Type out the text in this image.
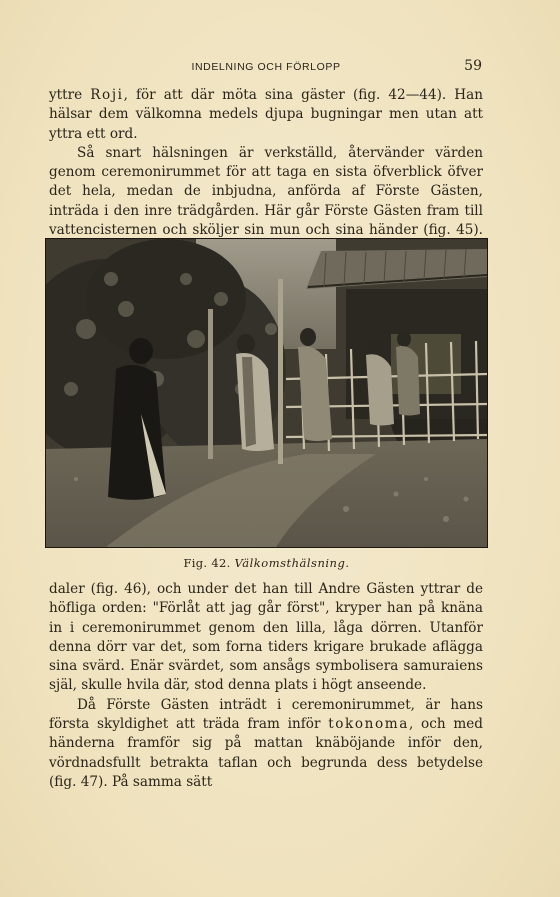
INDELNING OCH FÖRLOPP	59

yttre Roji, för att där möta sina gäster (fig. 42—44). Han hälsar dem välkomna medels djupa bugningar men utan att yttra ett ord.

Så snart hälsningen är verkställd, återvänder värden genom ceremonirummet för att taga en sista öfverblick öfver det hela, medan de inbjudna, anförda af Förste Gästen, inträda i den inre trädgården. Här går Förste Gästen fram till vattencisternen och sköljer sin mun och sina händer (fig. 45).

Fig. 42. Välkomsthälsning.

daler (fig. 46), och under det han till Andre Gästen yttrar de höfliga orden: "Förlåt att jag går först", kryper han på knäna in i ceremonirummet genom den lilla, låga dörren. Utanför denna dörr var det, som forna tiders krigare brukade aflägga sina svärd. Enär svärdet, som ansågs symbolisera samuraiens själ, skulle hvila där, stod denna plats i högt anseende.

Då Förste Gästen inträdt i ceremonirummet, är hans första skyldighet att träda fram inför tokonoma, och med händerna framför sig på mattan knäböjande inför den, vördnadsfullt betrakta taflan och begrunda dess betydelse (fig. 47). På samma sätt
